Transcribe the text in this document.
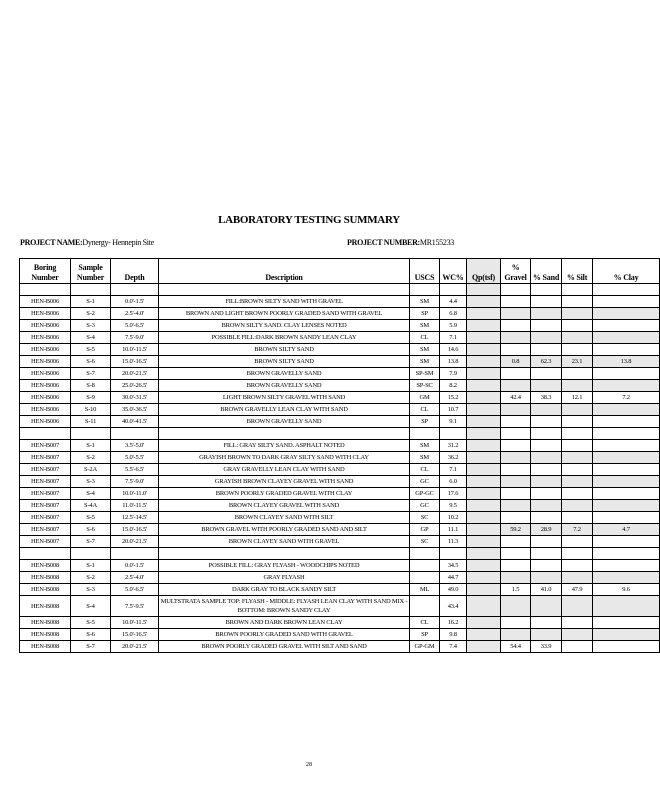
LABORATORY TESTING SUMMARY
PROJECT NAME:Dynergy- Hennepin Site	PROJECT NUMBER:MR155233
Boring Number	Sample Number	Depth	Description	USCS	WC%	Qp(tsf)	% Gravel	% Sand	% Silt	% Clay

HEN-B006	S-1	0.0'-1.5'	FILL:BROWN SILTY SAND WITH GRAVEL	SM	4.4					
HEN-B006	S-2	2.5'-4.0'	BROWN AND LIGHT BROWN POORLY GRADED SAND WITH GRAVEL	SP	6.8					
HEN-B006	S-3	5.0'-6.5'	BROWN SILTY SAND. CLAY LENSES NOTED	SM	5.9					
HEN-B006	S-4	7.5'-9.0'	POSSIBLE FILL:DARK BROWN SANDY LEAN CLAY	CL	7.1					
HEN-B006	S-5	10.0'-11.5'	BROWN SILTY SAND	SM	14.6					
HEN-B006	S-6	15.0'-16.5'	BROWN SILTY SAND	SM	13.8		0.8	62.3	23.1	13.8
HEN-B006	S-7	20.0'-21.5'	BROWN GRAVELLY SAND	SP-SM	7.9					
HEN-B006	S-8	25.0'-26.5'	BROWN GRAVELLY SAND	SP-SC	8.2					
HEN-B006	S-9	30.0'-31.5'	LIGHT BROWN SILTY GRAVEL WITH SAND	GM	15.2		42.4	38.3	12.1	7.2
HEN-B006	S-10	35.0'-36.5'	BROWN GRAVELLY LEAN CLAY WITH SAND	CL	10.7					
HEN-B006	S-11	40.0'-41.5'	BROWN GRAVELLY SAND	SP	9.1					

HEN-B007	S-1	3.5'-5.0'	FILL: GRAY SILTY SAND. ASPHALT NOTED	SM	31.2					
HEN-B007	S-2	5.0'-5.5'	GRAYISH BROWN TO DARK GRAY SILTY SAND WITH CLAY	SM	36.2					
HEN-B007	S-2A	5.5'-6.5'	GRAY GRAVELLY LEAN CLAY WITH SAND	CL	7.1					
HEN-B007	S-3	7.5'-9.0'	GRAYISH BROWN CLAYEY GRAVEL WITH SAND	GC	6.0					
HEN-B007	S-4	10.0'-11.0'	BROWN POORLY GRADED GRAVEL WITH CLAY	GP-GC	17.6					
HEN-B007	S-4A	11.0'-11.5'	BROWN CLAYEY GRAVEL WITH SAND	GC	9.5					
HEN-B007	S-5	12.5'-14.5'	BROWN CLAYEY SAND WITH SILT	SC	10.2					
HEN-B007	S-6	15.0'-16.5'	BROWN GRAVEL WITH POORLY GRADED SAND AND SILT	GP	11.1		59.2	28.9	7.2	4.7
HEN-B007	S-7	20.0'-21.5'	BROWN CLAYEY SAND WITH GRAVEL	SC	11.3					

HEN-B008	S-1	0.0'-1.5'	POSSIBLE FILL: GRAY FLYASH - WOODCHIPS NOTED		34.5					
HEN-B008	S-2	2.5'-4.0'	GRAY FLYASH		44.7					
HEN-B008	S-3	5.0'-6.5'	DARK GRAY TO BLACK SANDY SILT	ML	49.0		1.5	41.0	47.9	9.6
HEN-B008	S-4	7.5'-9.5'	MULTSTRATA SAMPLE TOP: FLYASH - MIDDLE: FLYASH LEAN CLAY WITH SAND MIX - BOTTOM: BROWN SANDY CLAY		43.4					
HEN-B008	S-5	10.0'-11.5'	BROWN AND DARK BROWN LEAN CLAY	CL	16.2					
HEN-B008	S-6	15.0'-16.5'	BROWN POORLY GRADED SAND WITH GRAVEL	SP	9.8					
HEN-B008	S-7	20.0'-21.5'	BROWN POORLY GRADED GRAVEL WITH SILT AND SAND	GP-GM	7.4		54.4	33.9		
28
